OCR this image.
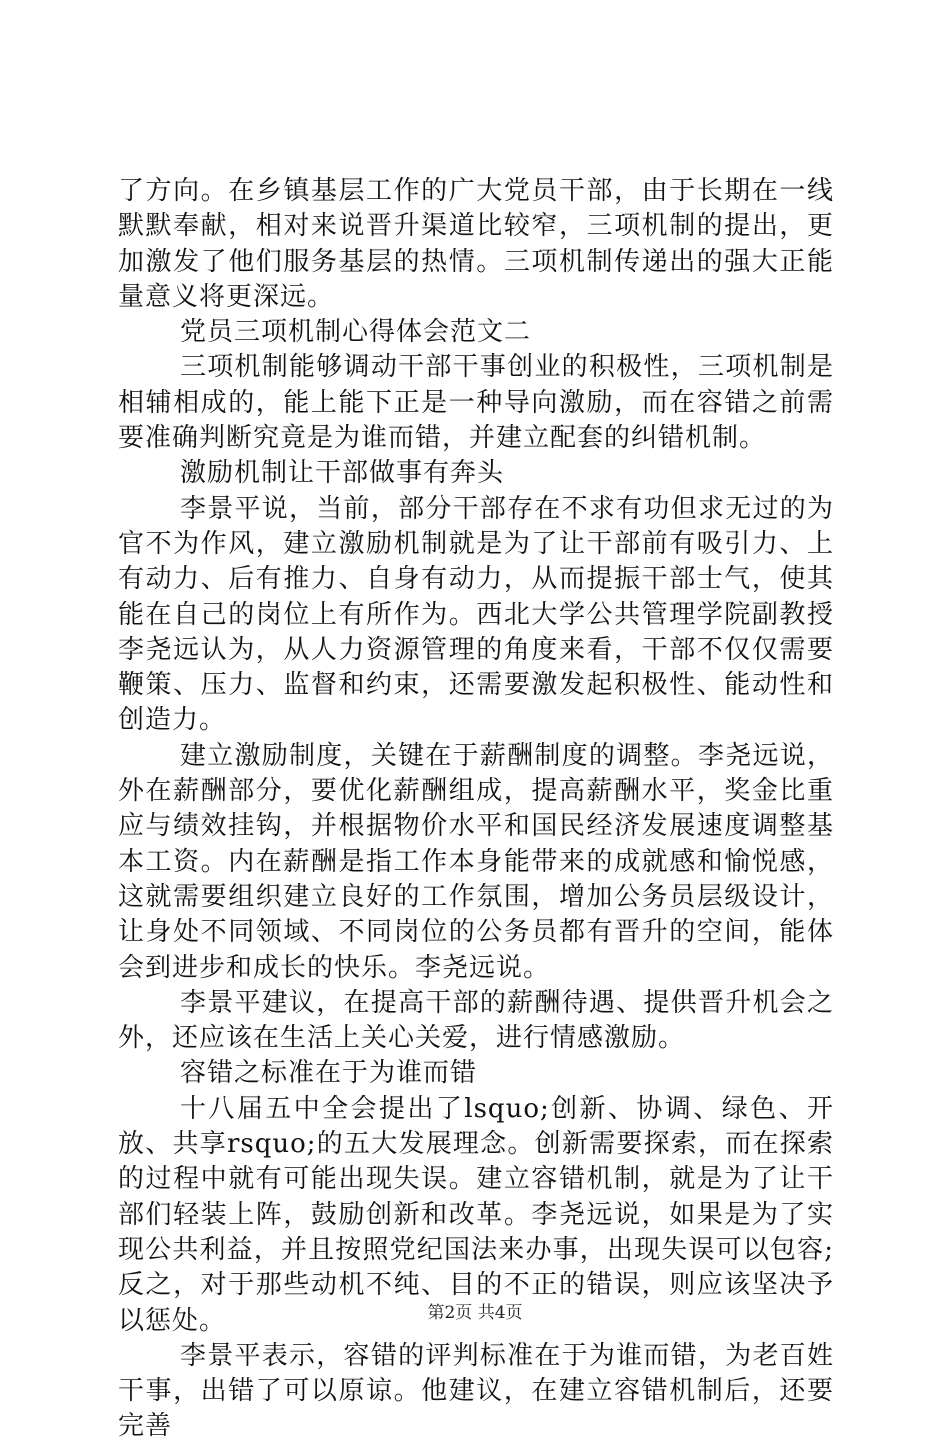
了方向。在乡镇基层工作的广大党员干部，由于长期在一线默默奉献，相对来说晋升渠道比较窄，三项机制的提出，更加激发了他们服务基层的热情。三项机制传递出的强大正能量意义将更深远。

党员三项机制心得体会范文二

三项机制能够调动干部干事创业的积极性，三项机制是相辅相成的，能上能下正是一种导向激励，而在容错之前需要准确判断究竟是为谁而错，并建立配套的纠错机制。

激励机制让干部做事有奔头

李景平说，当前，部分干部存在不求有功但求无过的为官不为作风，建立激励机制就是为了让干部前有吸引力、上有动力、后有推力、自身有动力，从而提振干部士气，使其能在自己的岗位上有所作为。西北大学公共管理学院副教授李尧远认为，从人力资源管理的角度来看，干部不仅仅需要鞭策、压力、监督和约束，还需要激发起积极性、能动性和创造力。

建立激励制度，关键在于薪酬制度的调整。李尧远说，外在薪酬部分，要优化薪酬组成，提高薪酬水平，奖金比重应与绩效挂钩，并根据物价水平和国民经济发展速度调整基本工资。内在薪酬是指工作本身能带来的成就感和愉悦感，这就需要组织建立良好的工作氛围，增加公务员层级设计，让身处不同领域、不同岗位的公务员都有晋升的空间，能体会到进步和成长的快乐。李尧远说。

李景平建议，在提高干部的薪酬待遇、提供晋升机会之外，还应该在生活上关心关爱，进行情感激励。

容错之标准在于为谁而错

十八届五中全会提出了lsquo;创新、协调、绿色、开放、共享rsquo;的五大发展理念。创新需要探索，而在探索的过程中就有可能出现失误。建立容错机制，就是为了让干部们轻装上阵，鼓励创新和改革。李尧远说，如果是为了实现公共利益，并且按照党纪国法来办事，出现失误可以包容;反之，对于那些动机不纯、目的不正的错误，则应该坚决予以惩处。

李景平表示，容错的评判标准在于为谁而错，为老百姓干事，出错了可以原谅。他建议，在建立容错机制后，还要完善

第2页 共4页
